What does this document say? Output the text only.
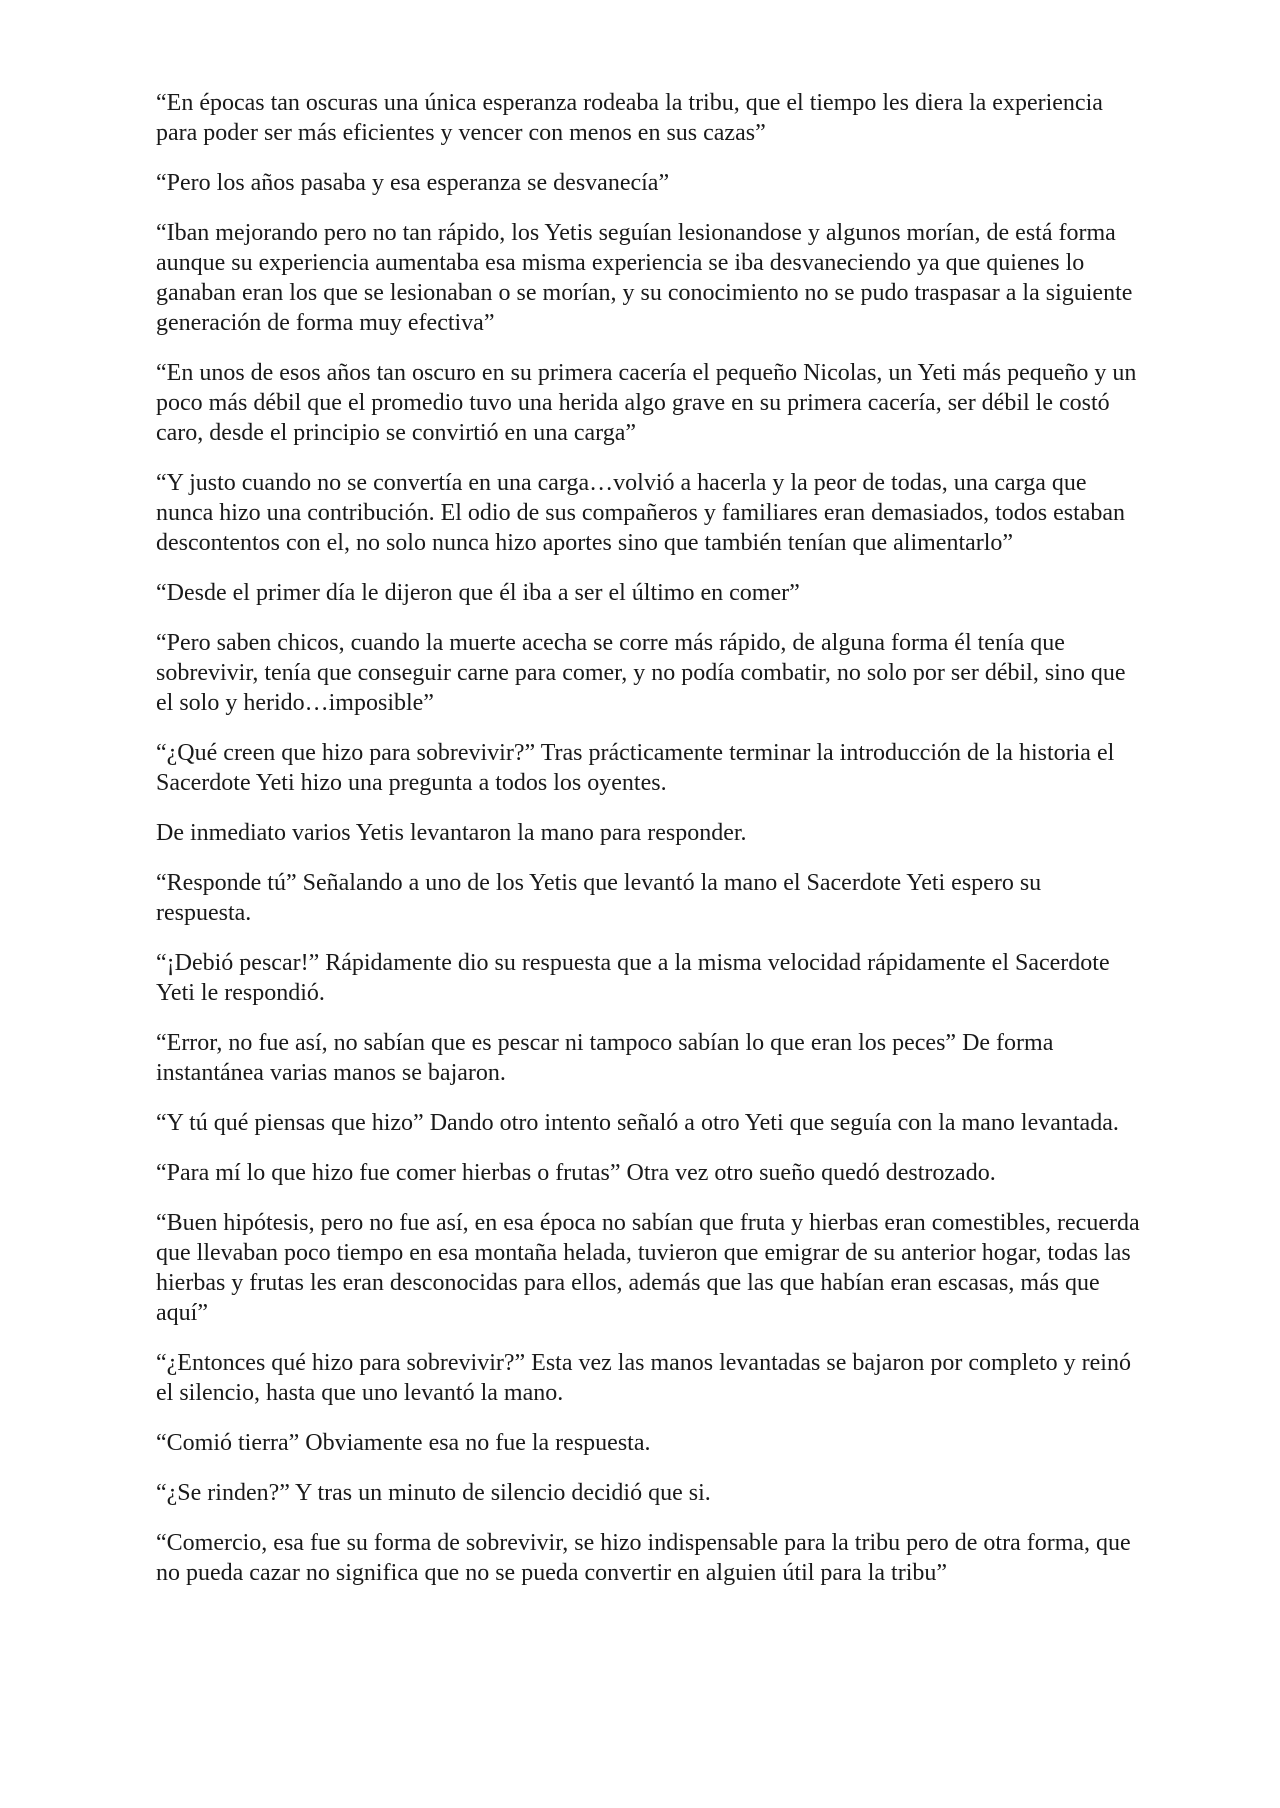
“En épocas tan oscuras una única esperanza rodeaba la tribu, que el tiempo les diera la experiencia para poder ser más eficientes y vencer con menos en sus cazas”

“Pero los años pasaba y esa esperanza se desvanecía”

“Iban mejorando pero no tan rápido, los Yetis seguían lesionandose y algunos morían, de está forma aunque su experiencia aumentaba esa misma experiencia se iba desvaneciendo ya que quienes lo ganaban eran los que se lesionaban o se morían, y su conocimiento no se pudo traspasar a la siguiente generación de forma muy efectiva”

“En unos de esos años tan oscuro en su primera cacería el pequeño Nicolas, un Yeti más pequeño y un poco más débil que el promedio tuvo una herida algo grave en su primera cacería, ser débil le costó caro, desde el principio se convirtió en una carga”

“Y justo cuando no se convertía en una carga…volvió a hacerla y la peor de todas, una carga que nunca hizo una contribución. El odio de sus compañeros y familiares eran demasiados, todos estaban descontentos con el, no solo nunca hizo aportes sino que también tenían que alimentarlo”

“Desde el primer día le dijeron que él iba a ser el último en comer”

“Pero saben chicos, cuando la muerte acecha se corre más rápido, de alguna forma él tenía que sobrevivir, tenía que conseguir carne para comer, y no podía combatir, no solo por ser débil, sino que el solo y herido…imposible”

“¿Qué creen que hizo para sobrevivir?” Tras prácticamente terminar la introducción de la historia el Sacerdote Yeti hizo una pregunta a todos los oyentes.

De inmediato varios Yetis levantaron la mano para responder.

“Responde tú” Señalando a uno de los Yetis que levantó la mano el Sacerdote Yeti espero su respuesta.

“¡Debió pescar!” Rápidamente dio su respuesta que a la misma velocidad rápidamente el Sacerdote Yeti le respondió.

“Error, no fue así, no sabían que es pescar ni tampoco sabían lo que eran los peces” De forma instantánea varias manos se bajaron.

“Y tú qué piensas que hizo” Dando otro intento señaló a otro Yeti que seguía con la mano levantada.

“Para mí lo que hizo fue comer hierbas o frutas” Otra vez otro sueño quedó destrozado.

“Buen hipótesis, pero no fue así, en esa época no sabían que fruta y hierbas eran comestibles, recuerda que llevaban poco tiempo en esa montaña helada, tuvieron que emigrar de su anterior hogar, todas las hierbas y frutas les eran desconocidas para ellos, además que las que habían eran escasas, más que aquí”

“¿Entonces qué hizo para sobrevivir?” Esta vez las manos levantadas se bajaron por completo y reinó el silencio, hasta que uno levantó la mano.

“Comió tierra” Obviamente esa no fue la respuesta.

“¿Se rinden?” Y tras un minuto de silencio decidió que si.

“Comercio, esa fue su forma de sobrevivir, se hizo indispensable para la tribu pero de otra forma, que no pueda cazar no significa que no se pueda convertir en alguien útil para la tribu”
